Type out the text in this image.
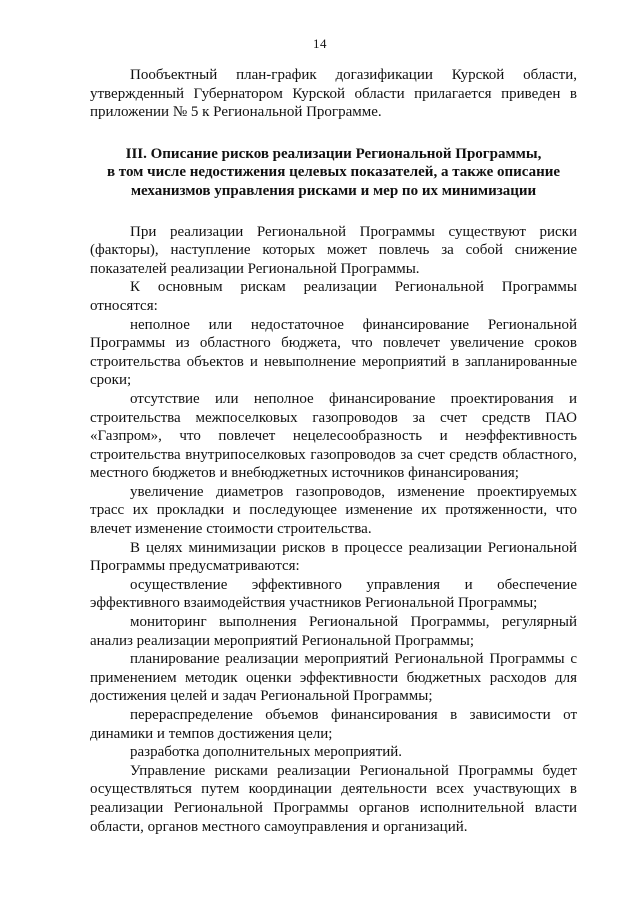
14

Пообъектный план-график догазификации Курской области, утвержденный Губернатором Курской области прилагается приведен в приложении № 5 к Региональной Программе.

III. Описание рисков реализации Региональной Программы,
в том числе недостижения целевых показателей, а также описание
механизмов управления рисками и мер по их минимизации

При реализации Региональной Программы существуют риски (факторы), наступление которых может повлечь за собой снижение показателей реализации Региональной Программы.

К основным рискам реализации Региональной Программы относятся:

неполное или недостаточное финансирование Региональной Программы из областного бюджета, что повлечет увеличение сроков строительства объектов и невыполнение мероприятий в запланированные сроки;

отсутствие или неполное финансирование проектирования и строительства межпоселковых газопроводов за счет средств ПАО «Газпром», что повлечет нецелесообразность и неэффективность строительства внутрипоселковых газопроводов за счет средств областного, местного бюджетов и внебюджетных источников финансирования;

увеличение диаметров газопроводов, изменение проектируемых трасс их прокладки и последующее изменение их протяженности, что влечет изменение стоимости строительства.

В целях минимизации рисков в процессе реализации Региональной Программы предусматриваются:

осуществление эффективного управления и обеспечение эффективного взаимодействия участников Региональной Программы;

мониторинг выполнения Региональной Программы, регулярный анализ реализации мероприятий Региональной Программы;

планирование реализации мероприятий Региональной Программы с применением методик оценки эффективности бюджетных расходов для достижения целей и задач Региональной Программы;

перераспределение объемов финансирования в зависимости от динамики и темпов достижения цели;

разработка дополнительных мероприятий.

Управление рисками реализации Региональной Программы будет осуществляться путем координации деятельности всех участвующих в реализации Региональной Программы органов исполнительной власти области, органов местного самоуправления и организаций.
